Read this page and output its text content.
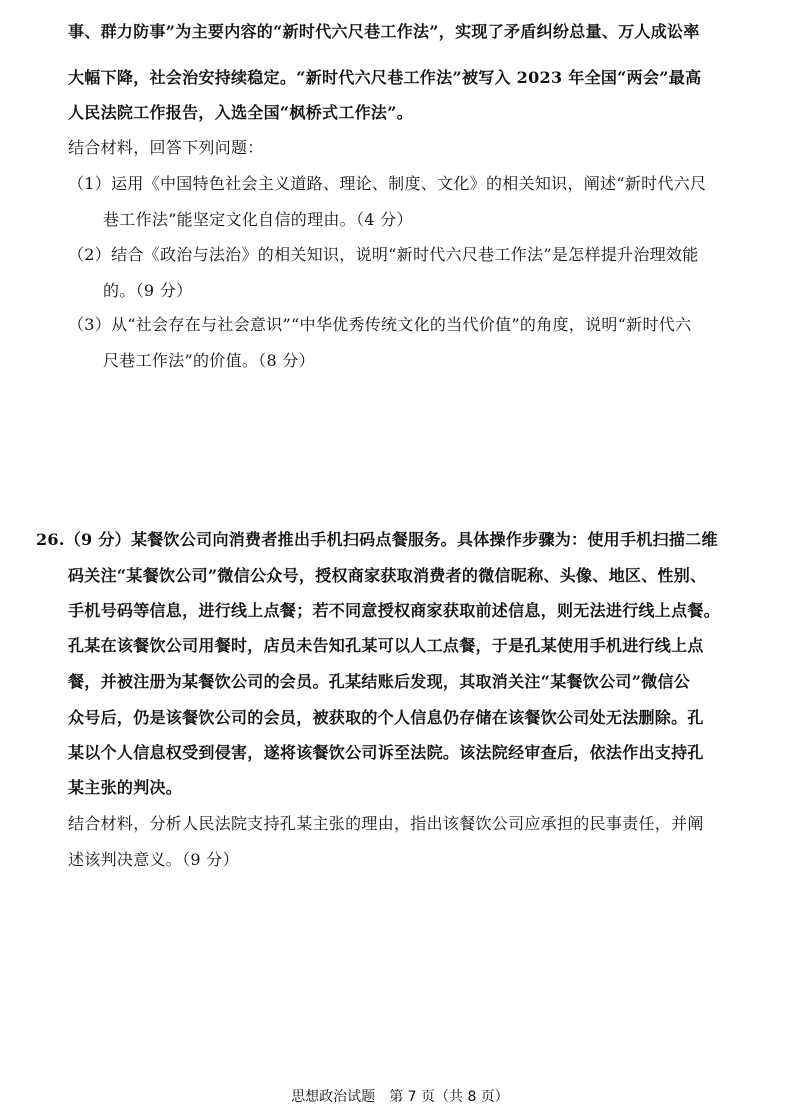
事、群力防事”为主要内容的“新时代六尺巷工作法”，实现了矛盾纠纷总量、万人成讼率
大幅下降，社会治安持续稳定。“新时代六尺巷工作法”被写入 2023 年全国“两会”最高
人民法院工作报告，入选全国“枫桥式工作法”。
结合材料，回答下列问题：
（1）运用《中国特色社会主义道路、理论、制度、文化》的相关知识，阐述“新时代六尺
巷工作法”能坚定文化自信的理由。（4 分）
（2）结合《政治与法治》的相关知识，说明“新时代六尺巷工作法”是怎样提升治理效能
的。（9 分）
（3）从“社会存在与社会意识”“中华优秀传统文化的当代价值”的角度，说明“新时代六
尺巷工作法”的价值。（8 分）
26.（9 分）某餐饮公司向消费者推出手机扫码点餐服务。具体操作步骤为：使用手机扫描二维
码关注“某餐饮公司”微信公众号，授权商家获取消费者的微信昵称、头像、地区、性别、
手机号码等信息，进行线上点餐；若不同意授权商家获取前述信息，则无法进行线上点餐。
孔某在该餐饮公司用餐时，店员未告知孔某可以人工点餐，于是孔某使用手机进行线上点
餐，并被注册为某餐饮公司的会员。孔某结账后发现，其取消关注“某餐饮公司”微信公
众号后，仍是该餐饮公司的会员，被获取的个人信息仍存储在该餐饮公司处无法删除。孔
某以个人信息权受到侵害，遂将该餐饮公司诉至法院。该法院经审查后，依法作出支持孔
某主张的判决。
结合材料，分析人民法院支持孔某主张的理由，指出该餐饮公司应承担的民事责任，并阐
述该判决意义。（9 分）
思想政治试题　第 7 页（共 8 页）
